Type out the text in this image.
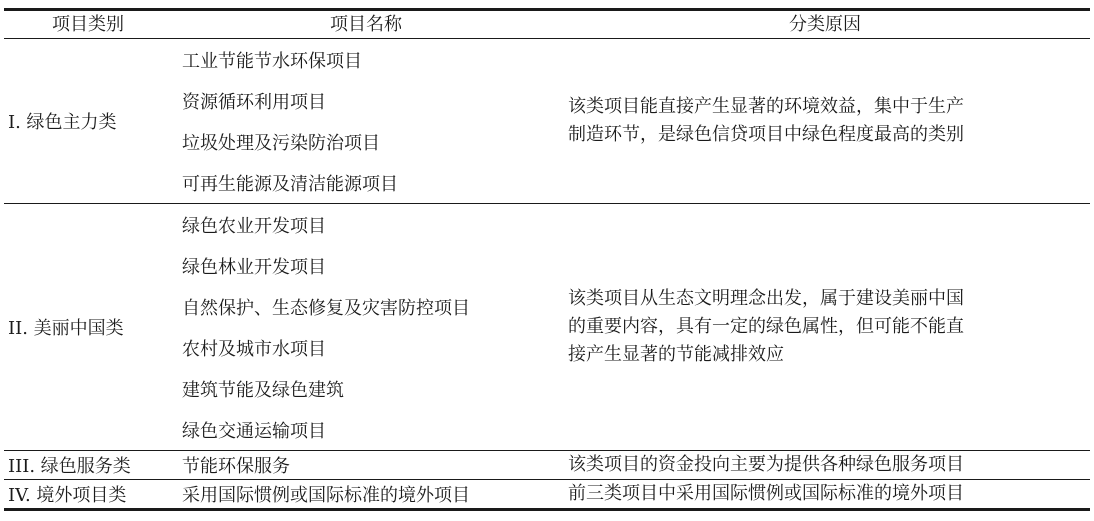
项目类别	项目名称	分类原因
I. 绿色主力类	工业节能节水环保项目	该类项目能直接产生显著的环境效益，集中于生产
制造环节，是绿色信贷项目中绿色程度最高的类别

	资源循环利用项目	
	垃圾处理及污染防治项目	
	可再生能源及清洁能源项目	
II. 美丽中国类	绿色农业开发项目	该类项目从生态文明理念出发，属于建设美丽中国
的重要内容，具有一定的绿色属性，但可能不能直
接产生显著的节能减排效应

	绿色林业开发项目	
	自然保护、生态修复及灾害防控项目	
	农村及城市水项目	
	建筑节能及绿色建筑	
	绿色交通运输项目	
III. 绿色服务类	节能环保服务	该类项目的资金投向主要为提供各种绿色服务项目

IV. 境外项目类	采用国际惯例或国际标准的境外项目	前三类项目中采用国际惯例或国际标准的境外项目
